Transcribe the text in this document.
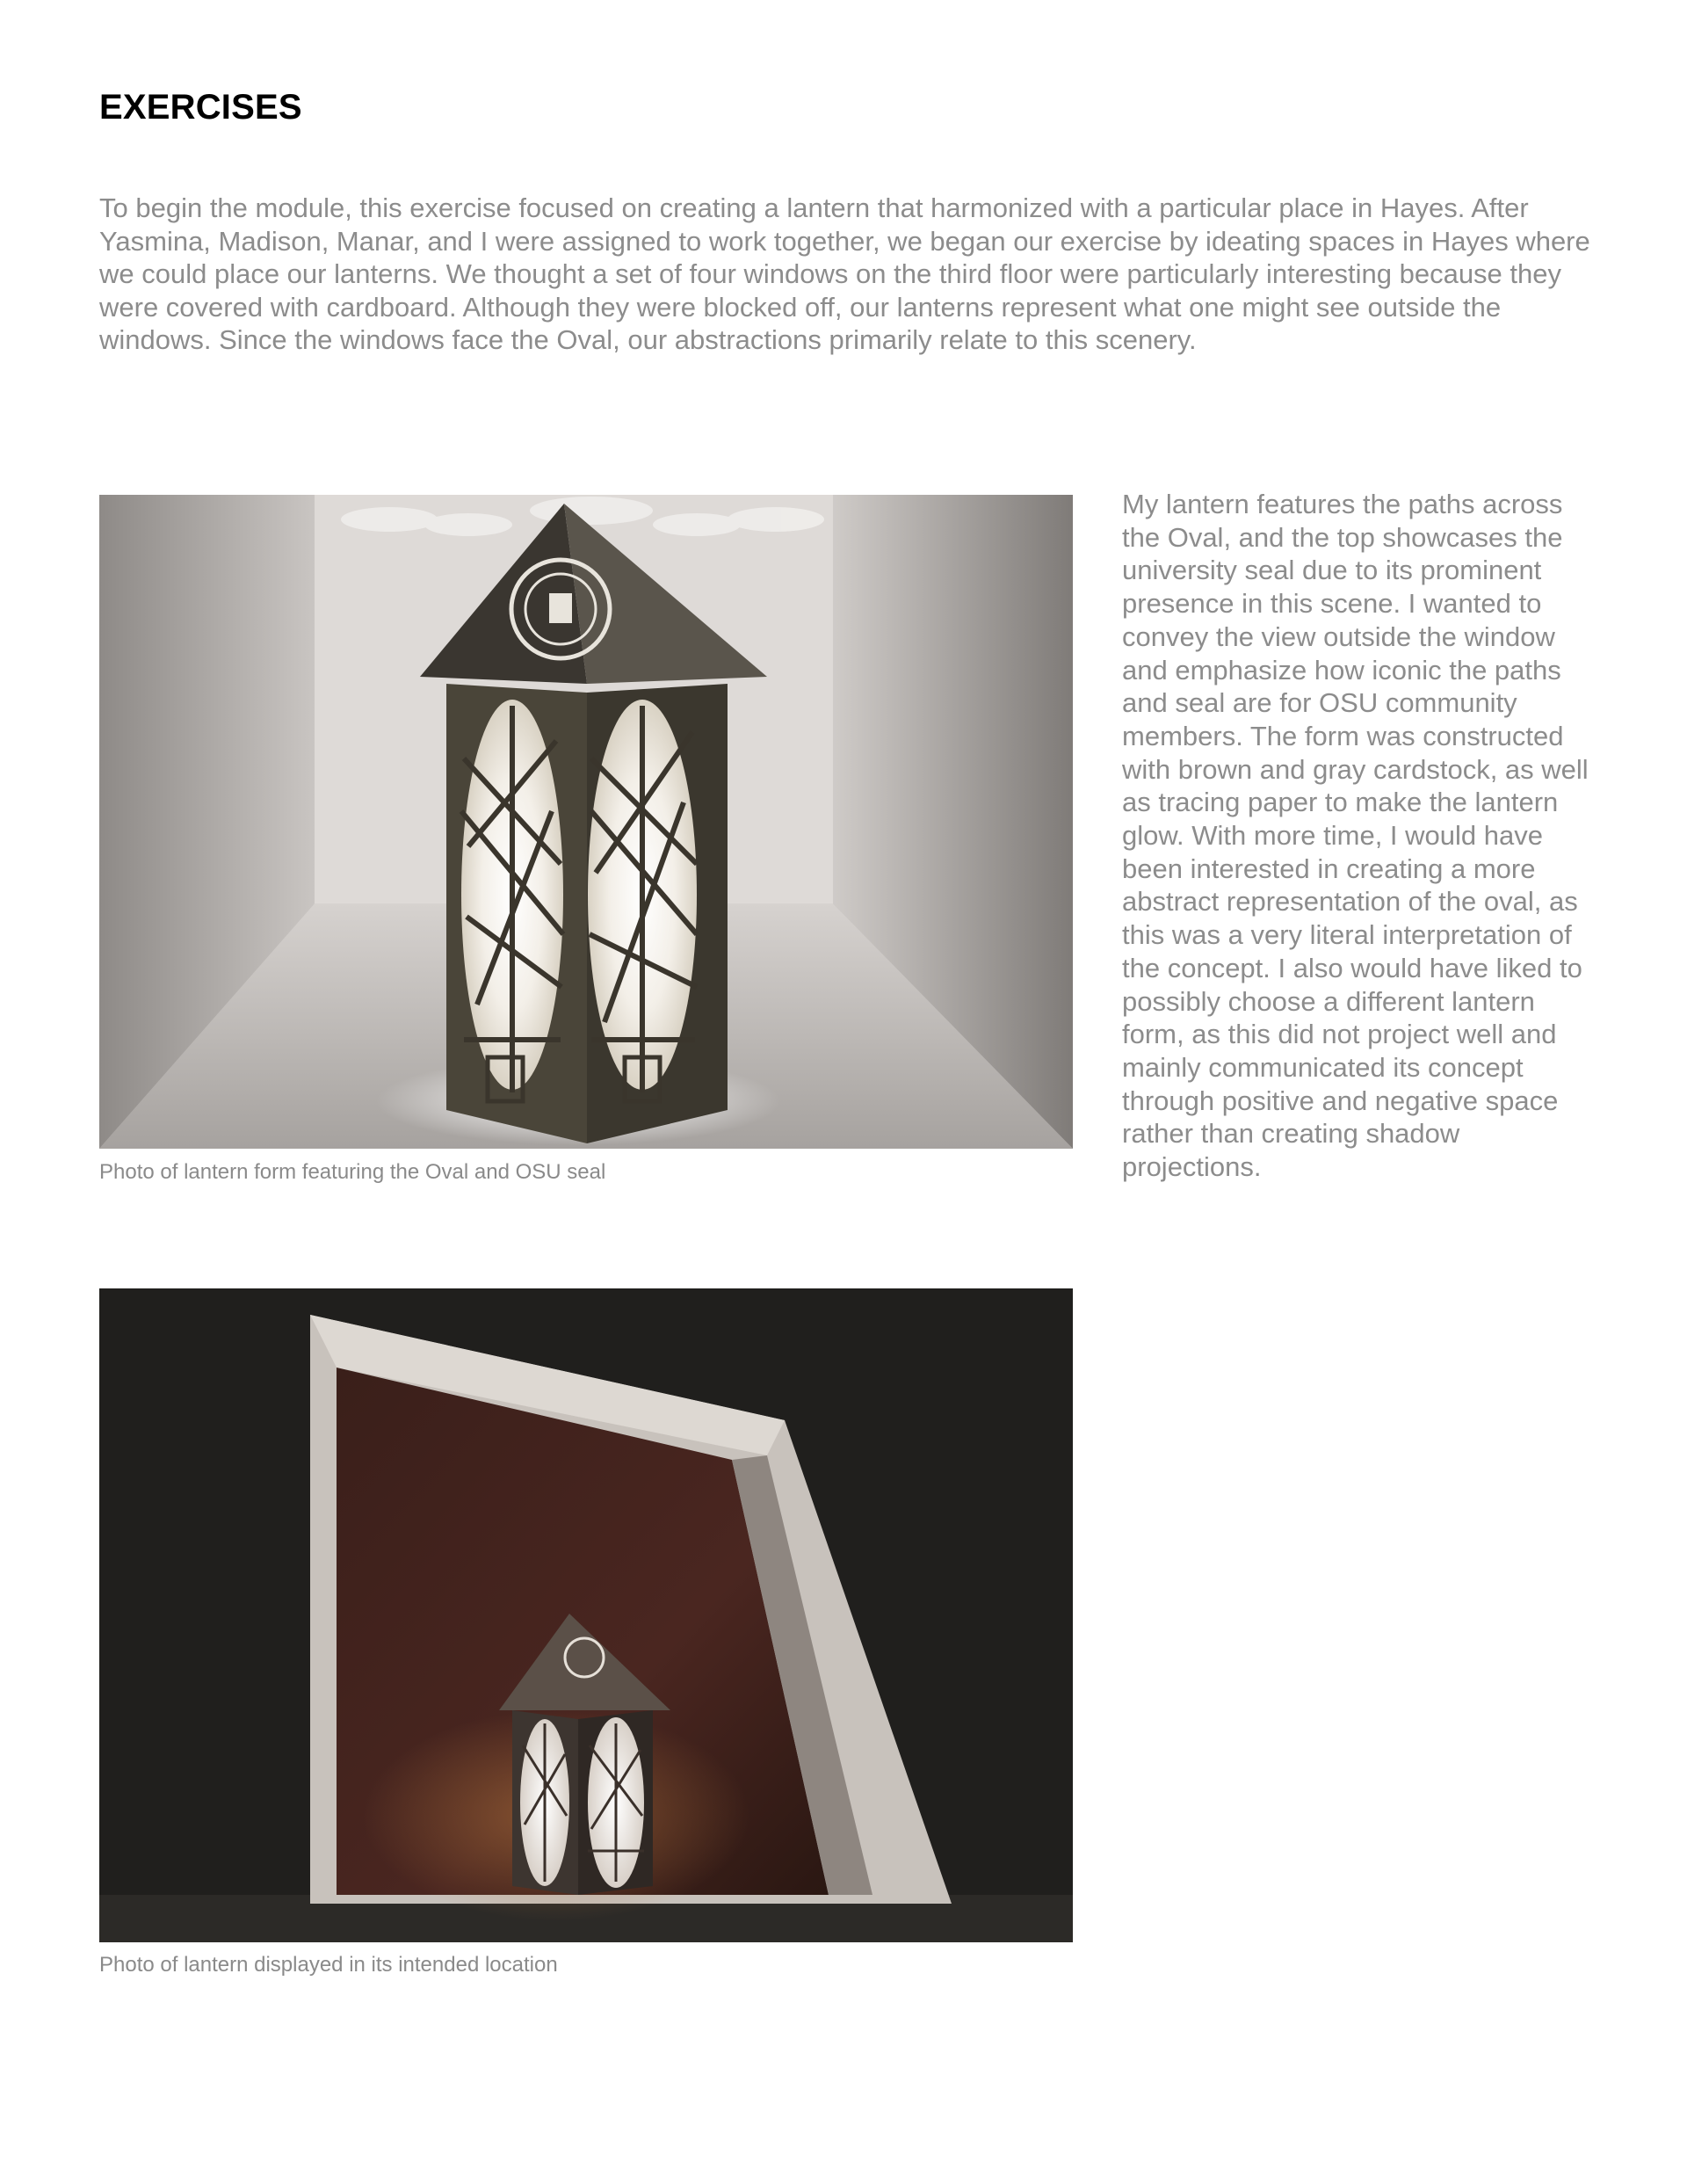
EXERCISES

To begin the module, this exercise focused on creating a lantern that harmonized with a particular place in Hayes. After Yasmina, Madison, Manar, and I were assigned to work together, we began our exercise by ideating spaces in Hayes where we could place our lanterns. We thought a set of four windows on the third floor were particularly interesting because they were covered with cardboard. Although they were blocked off, our lanterns represent what one might see outside the windows. Since the windows face the Oval, our abstractions primarily relate to this scenery.

Photo of lantern form featuring the Oval and OSU seal

My lantern features the paths across the Oval, and the top showcases the university seal due to its prominent presence in this scene. I wanted to convey the view outside the window and emphasize how iconic the paths and seal are for OSU community members. The form was constructed with brown and gray cardstock, as well as tracing paper to make the lantern glow. With more time, I would have been interested in creating a more abstract representation of the oval, as this was a very literal interpretation of the concept. I also would have liked to possibly choose a different lantern form, as this did not project well and mainly communicated its concept through positive and negative space rather than creating shadow projections.

Photo of lantern displayed in its intended location
